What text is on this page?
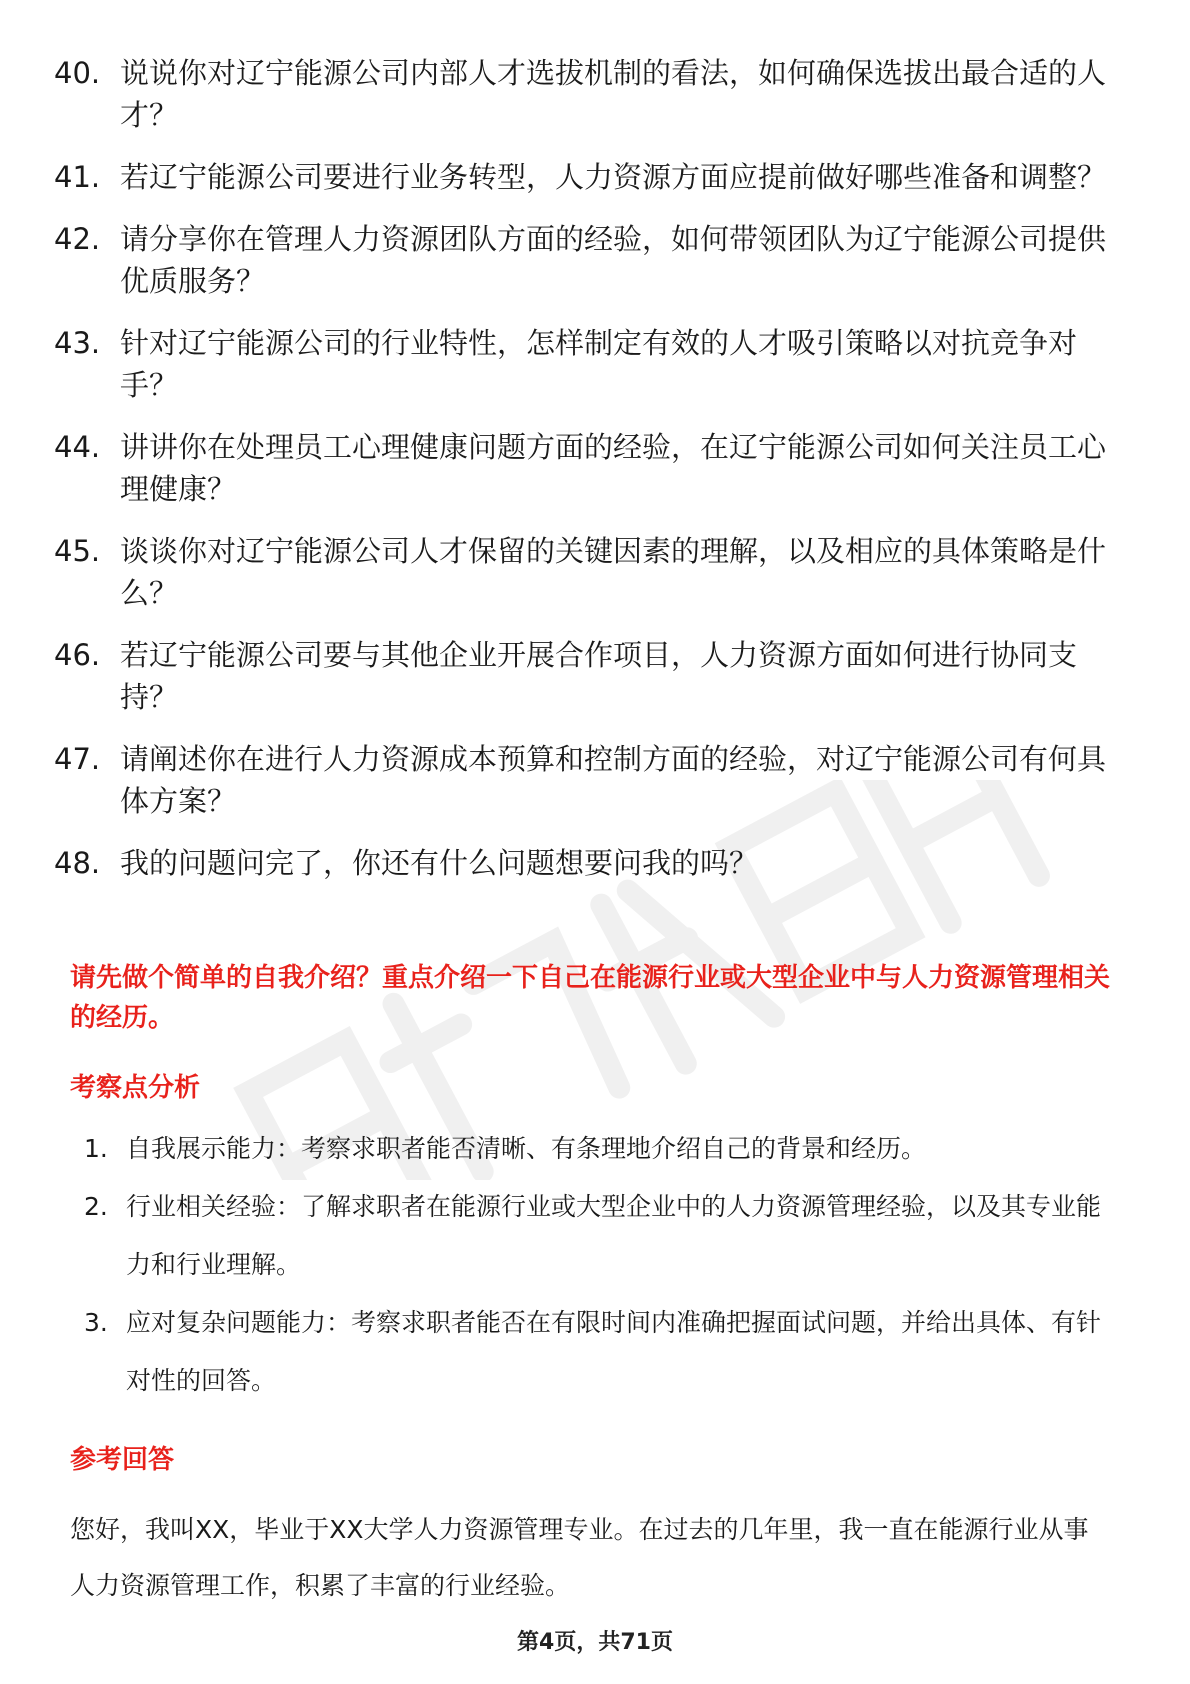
40. 说说你对辽宁能源公司内部人才选拔机制的看法，如何确保选拔出最合适的人才？
41. 若辽宁能源公司要进行业务转型，人力资源方面应提前做好哪些准备和调整？
42. 请分享你在管理人力资源团队方面的经验，如何带领团队为辽宁能源公司提供优质服务？
43. 针对辽宁能源公司的行业特性，怎样制定有效的人才吸引策略以对抗竞争对手？
44. 讲讲你在处理员工心理健康问题方面的经验，在辽宁能源公司如何关注员工心理健康？
45. 谈谈你对辽宁能源公司人才保留的关键因素的理解，以及相应的具体策略是什么？
46. 若辽宁能源公司要与其他企业开展合作项目，人力资源方面如何进行协同支持？
47. 请阐述你在进行人力资源成本预算和控制方面的经验，对辽宁能源公司有何具体方案？
48. 我的问题问完了，你还有什么问题想要问我的吗？
请先做个简单的自我介绍？重点介绍一下自己在能源行业或大型企业中与人力资源管理相关的经历。
考察点分析
1. 自我展示能力：考察求职者能否清晰、有条理地介绍自己的背景和经历。
2. 行业相关经验：了解求职者在能源行业或大型企业中的人力资源管理经验，以及其专业能力和行业理解。
3. 应对复杂问题能力：考察求职者能否在有限时间内准确把握面试问题，并给出具体、有针对性的回答。
参考回答
您好，我叫XX，毕业于XX大学人力资源管理专业。在过去的几年里，我一直在能源行业从事人力资源管理工作，积累了丰富的行业经验。
第4页，共71页
